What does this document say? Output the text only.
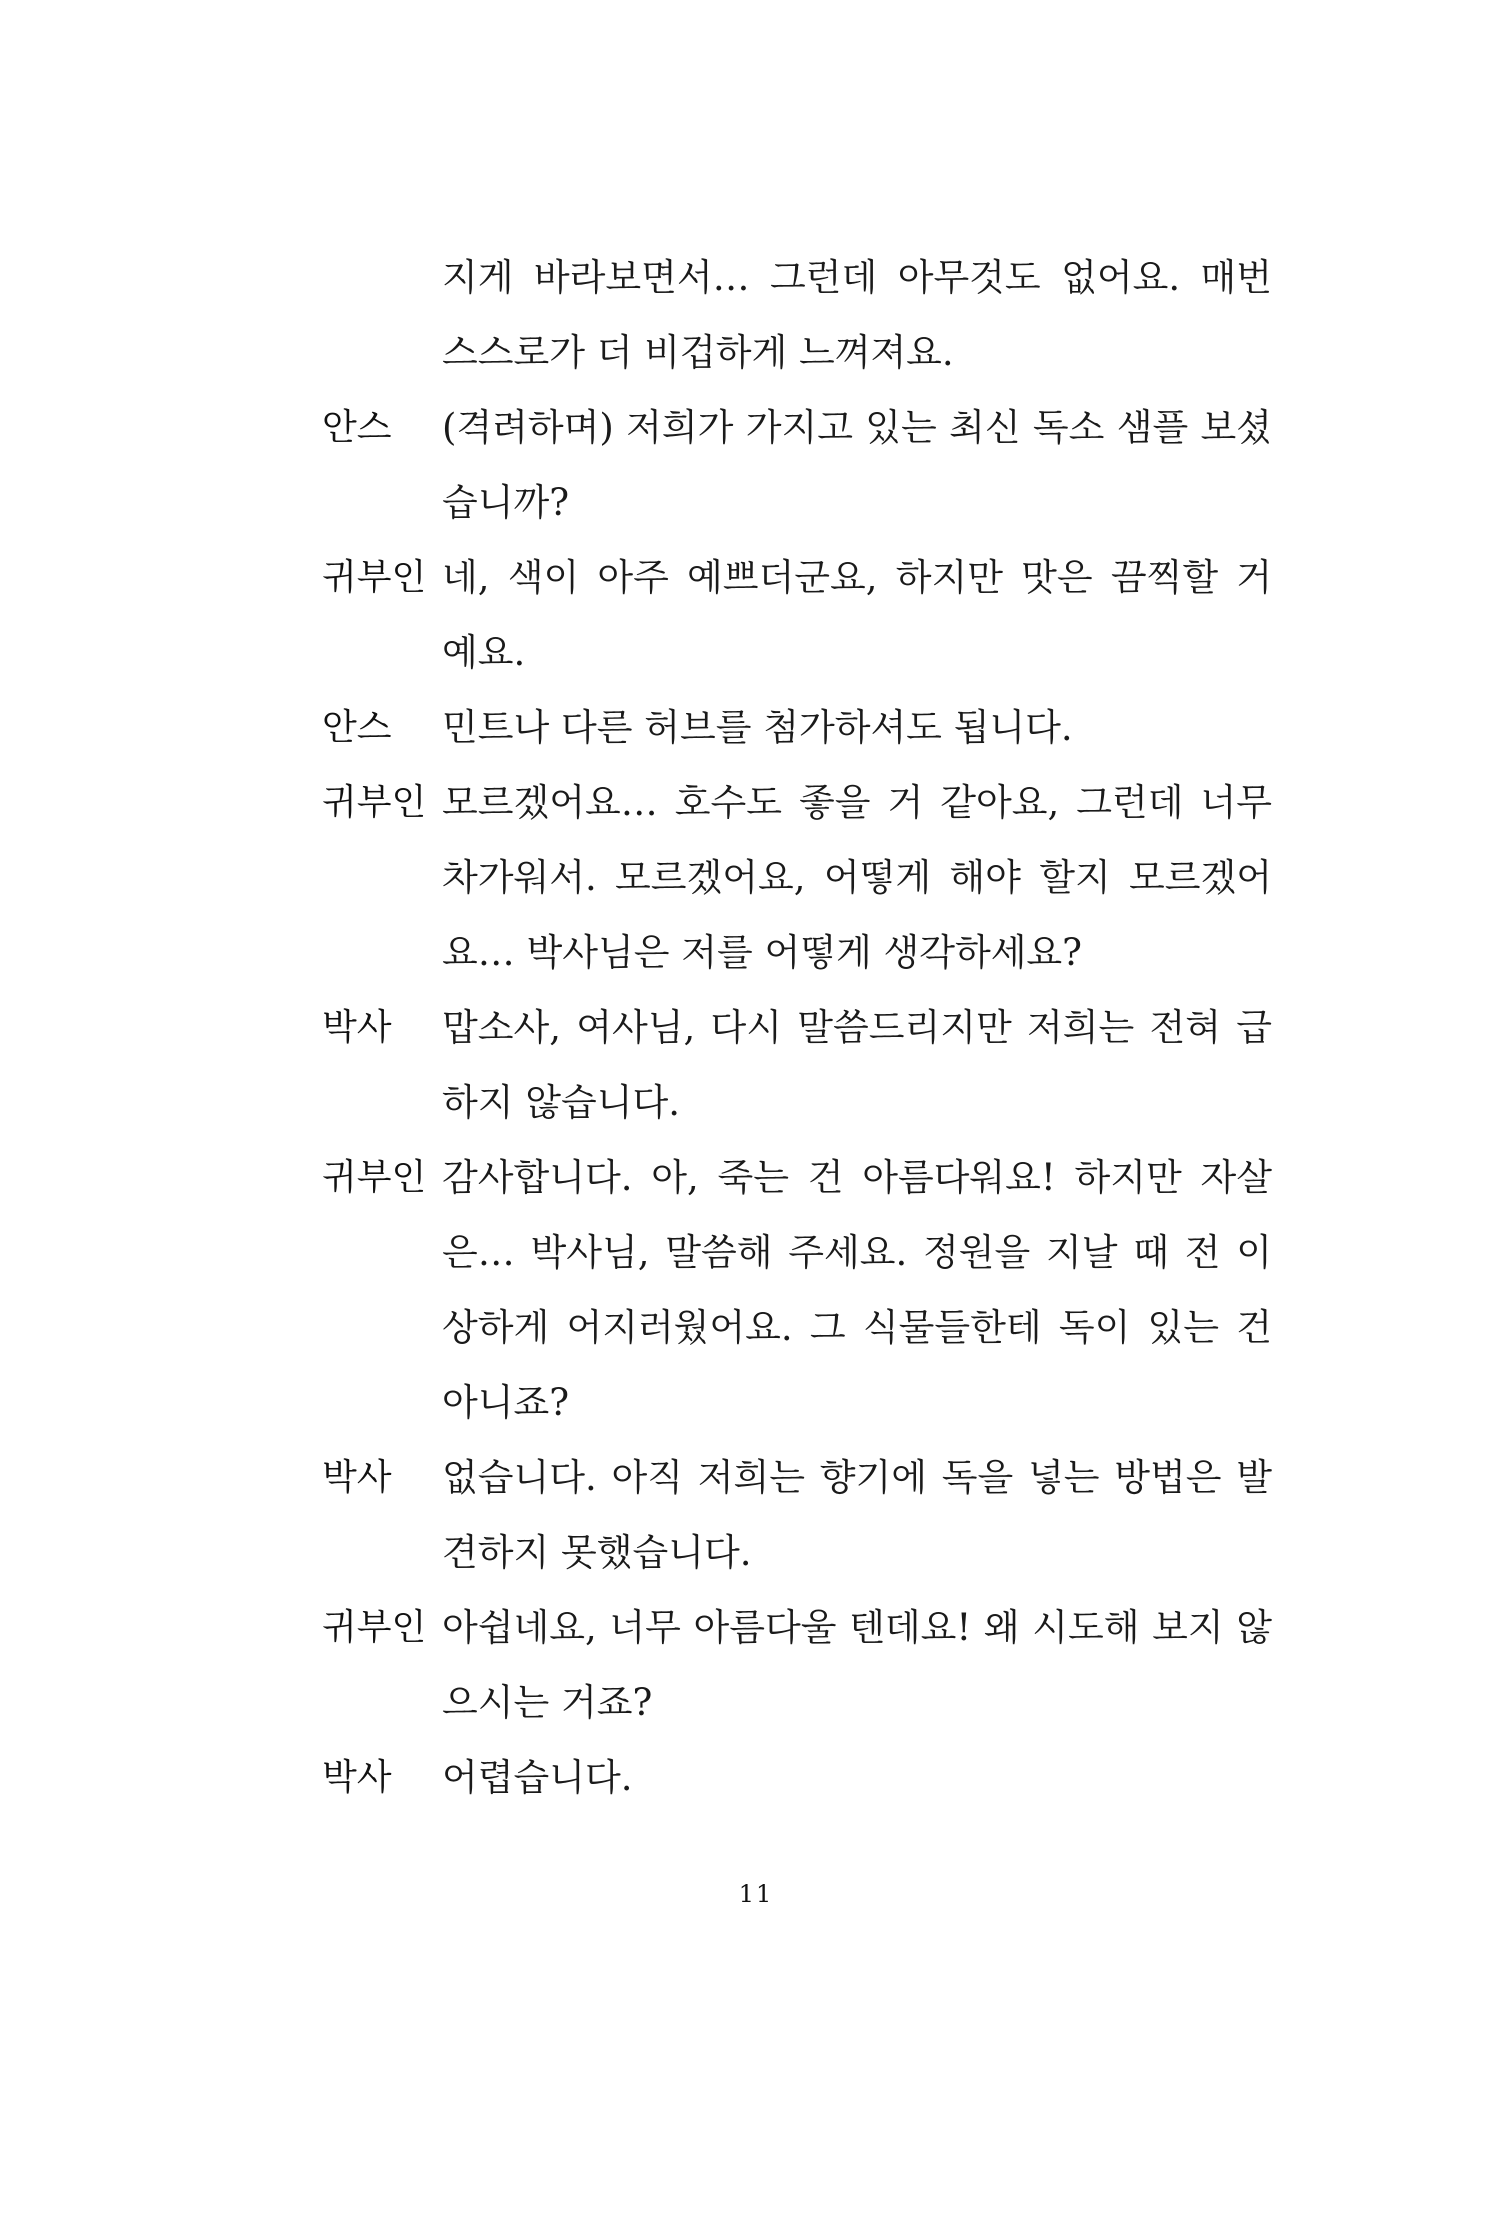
지게 바라보면서… 그런데 아무것도 없어요. 매번
스스로가 더 비겁하게 느껴져요.
안스	(격려하며) 저희가 가지고 있는 최신 독소 샘플 보셨
습니까?
귀부인 네, 색이 아주 예쁘더군요, 하지만 맛은 끔찍할 거
예요.
안스	민트나 다른 허브를 첨가하셔도 됩니다.
귀부인 모르겠어요… 호수도 좋을 거 같아요, 그런데 너무
차가워서. 모르겠어요, 어떻게 해야 할지 모르겠어
요… 박사님은 저를 어떻게 생각하세요?
박사	맙소사, 여사님, 다시 말씀드리지만 저희는 전혀 급
하지 않습니다.
귀부인 감사합니다. 아, 죽는 건 아름다워요! 하지만 자살
은… 박사님, 말씀해 주세요. 정원을 지날 때 전 이
상하게 어지러웠어요. 그 식물들한테 독이 있는 건
아니죠?
박사	없습니다. 아직 저희는 향기에 독을 넣는 방법은 발
견하지 못했습니다.
귀부인 아쉽네요, 너무 아름다울 텐데요! 왜 시도해 보지 않
으시는 거죠?
박사	어렵습니다.
11
